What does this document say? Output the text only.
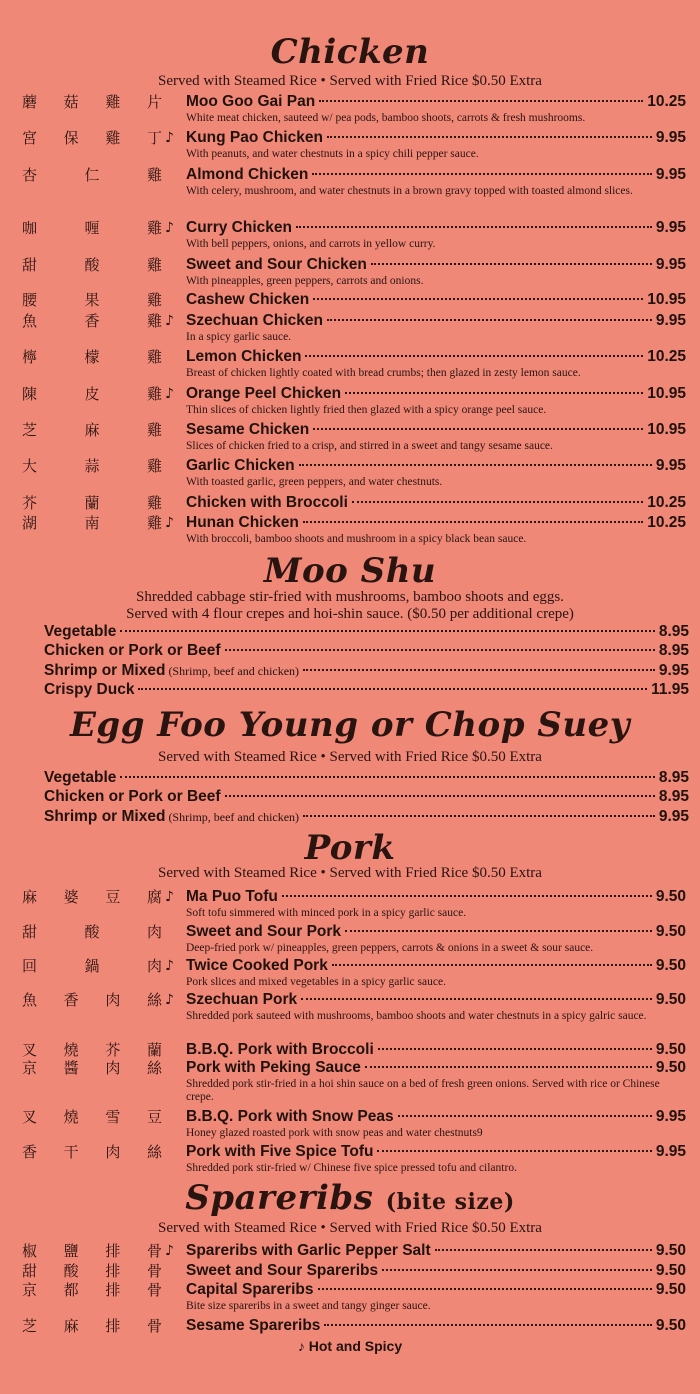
Chicken
Served with Steamed Rice • Served with Fried Rice $0.50 Extra
蘑 菇 雞 片 Moo Goo Gai Pan	10.25
White meat chicken, sauteed w/ pea pods, bamboo shoots, carrots & fresh mushrooms.
宮 保 雞 丁 ♪ Kung Pao Chicken	9.95
With peanuts, and water chestnuts in a spicy chili pepper sauce.
杏	仁	雞 Almond Chicken	9.95
With celery, mushroom, and water chestnuts in a brown gravy topped with toasted almond slices.
咖	喱	雞 ♪ Curry Chicken	9.95
With bell peppers, onions, and carrots in yellow curry.
甜	酸	雞 Sweet and Sour Chicken	9.95
With pineapples, green peppers, carrots and onions.
腰	果	雞 Cashew Chicken	10.95
魚	香	雞 ♪ Szechuan Chicken	9.95
In a spicy garlic sauce.
檸	檬	雞 Lemon Chicken	10.25
Breast of chicken lightly coated with bread crumbs; then glazed in zesty lemon sauce.
陳	皮	雞 ♪ Orange Peel Chicken	10.95
Thin slices of chicken lightly fried then glazed with a spicy orange peel sauce.
芝	麻	雞 Sesame Chicken	10.95
Slices of chicken fried to a crisp, and stirred in a sweet and tangy sesame sauce.
大	蒜	雞 Garlic Chicken	9.95
With toasted garlic, green peppers, and water chestnuts.
芥	蘭	雞 Chicken with Broccoli	10.25
湖	南	雞 ♪ Hunan Chicken	10.25
With broccoli, bamboo shoots and mushroom in a spicy black bean sauce.
Moo Shu
Shredded cabbage stir-fried with mushrooms, bamboo shoots and eggs.
Served with 4 flour crepes and hoi-shin sauce. ($0.50 per additional crepe)
Vegetable	8.95
Chicken or Pork or Beef	8.95
Shrimp or Mixed (Shrimp, beef and chicken)	9.95
Crispy Duck	11.95
Egg Foo Young or Chop Suey
Served with Steamed Rice • Served with Fried Rice $0.50 Extra
Vegetable	8.95
Chicken or Pork or Beef	8.95
Shrimp or Mixed (Shrimp, beef and chicken)	9.95
Pork
Served with Steamed Rice • Served with Fried Rice $0.50 Extra
麻 婆 豆 腐 ♪ Ma Puo Tofu	9.50
Soft tofu simmered with minced pork in a spicy garlic sauce.
甜	酸	肉 Sweet and Sour Pork	9.50
Deep-fried pork w/ pineapples, green peppers, carrots & onions in a sweet & sour sauce.
回	鍋	肉 ♪ Twice Cooked Pork	9.50
Pork slices and mixed vegetables in a spicy garlic sauce.
魚 香 肉 絲 ♪ Szechuan Pork	9.50
Shredded pork sauteed with mushrooms, bamboo shoots and water chestnuts in a spicy galric sauce.
叉 燒 芥 蘭 B.B.Q. Pork with Broccoli	9.50
京 醬 肉 絲 Pork with Peking Sauce	9.50
Shredded pork stir-fried in a hoi shin sauce on a bed of fresh green onions. Served with rice or Chinese crepe.
叉 燒 雪 豆 B.B.Q. Pork with Snow Peas	9.95
Honey glazed roasted pork with snow peas and water chestnuts9
香 干 肉 絲 Pork with Five Spice Tofu	9.95
Shredded pork stir-fried w/ Chinese five spice pressed tofu and cilantro.
Spareribs (bite size)
Served with Steamed Rice • Served with Fried Rice $0.50 Extra
椒 鹽 排 骨 ♪ Spareribs with Garlic Pepper Salt	9.50
甜 酸 排 骨 Sweet and Sour Spareribs	9.50
京 都 排 骨 Capital Spareribs	9.50
Bite size spareribs in a sweet and tangy ginger sauce.
芝 麻 排 骨 Sesame Spareribs	9.50
♪ Hot and Spicy
